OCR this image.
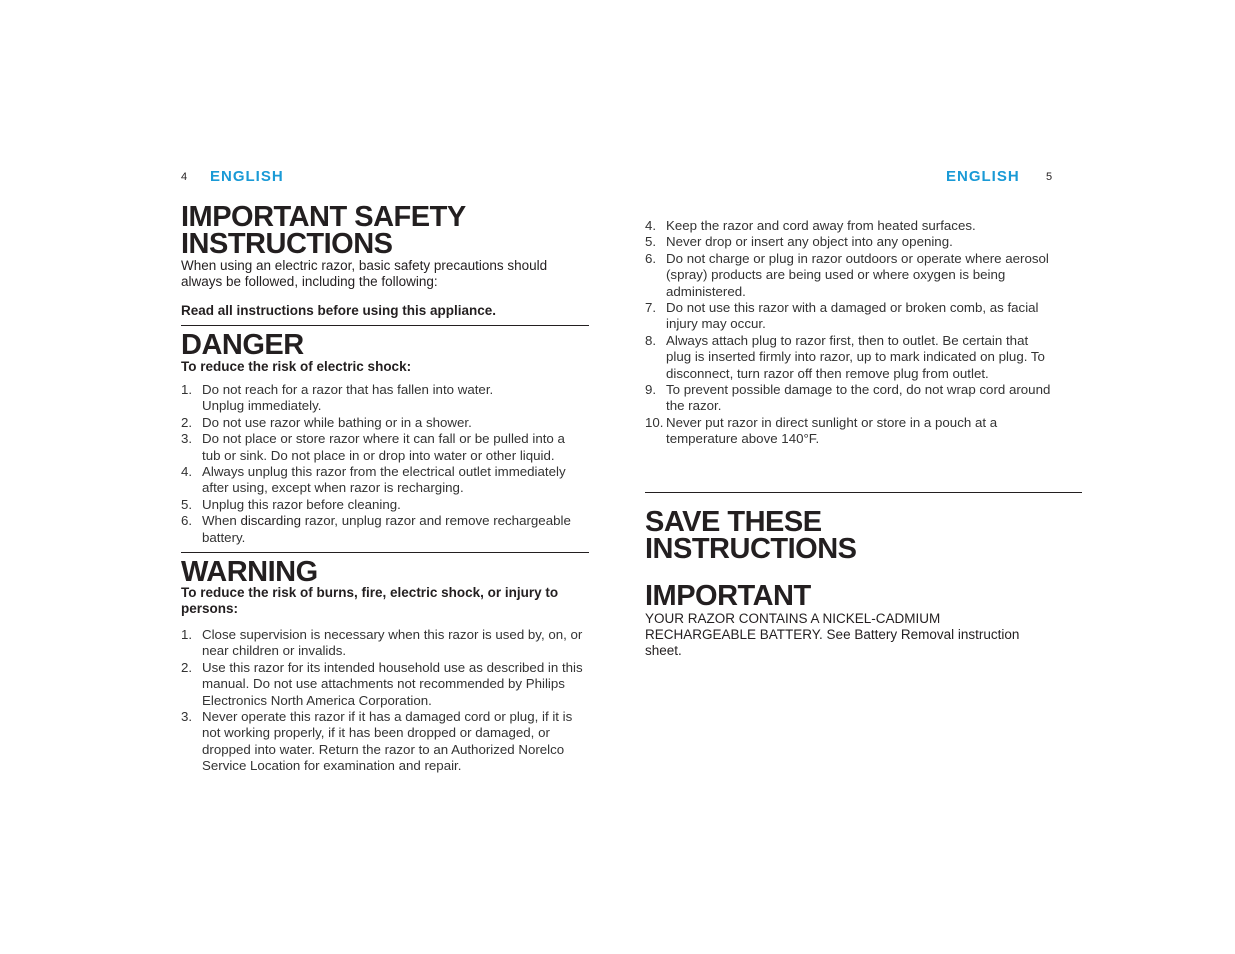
4 ENGLISH
IMPORTANT SAFETY
INSTRUCTIONS
When using an electric razor, basic safety precautions should always be followed, including the following:
Read all instructions before using this appliance.
DANGER
To reduce the risk of electric shock:
1. Do not reach for a razor that has fallen into water.
Unplug immediately.
2. Do not use razor while bathing or in a shower.
3. Do not place or store razor where it can fall or be pulled into a tub or sink. Do not place in or drop into water or other liquid.
4. Always unplug this razor from the electrical outlet immediately after using, except when razor is recharging.
5. Unplug this razor before cleaning.
6. When discarding razor, unplug razor and remove rechargeable battery.
WARNING
To reduce the risk of burns, fire, electric shock, or injury to persons:
1. Close supervision is necessary when this razor is used by, on, or near children or invalids.
2. Use this razor for its intended household use as described in this manual. Do not use attachments not recommended by Philips Electronics North America Corporation.
3. Never operate this razor if it has a damaged cord or plug, if it is not working properly, if it has been dropped or damaged, or dropped into water. Return the razor to an Authorized Norelco Service Location for examination and repair.
ENGLISH 5
4. Keep the razor and cord away from heated surfaces.
5. Never drop or insert any object into any opening.
6. Do not charge or plug in razor outdoors or operate where aerosol (spray) products are being used or where oxygen is being administered.
7. Do not use this razor with a damaged or broken comb, as facial injury may occur.
8. Always attach plug to razor first, then to outlet. Be certain that plug is inserted firmly into razor, up to mark indicated on plug. To disconnect, turn razor off then remove plug from outlet.
9. To prevent possible damage to the cord, do not wrap cord around the razor.
10. Never put razor in direct sunlight or store in a pouch at a temperature above 140°F.
SAVE THESE
INSTRUCTIONS
IMPORTANT
YOUR RAZOR CONTAINS A NICKEL-CADMIUM RECHARGEABLE BATTERY. See Battery Removal instruction sheet.
